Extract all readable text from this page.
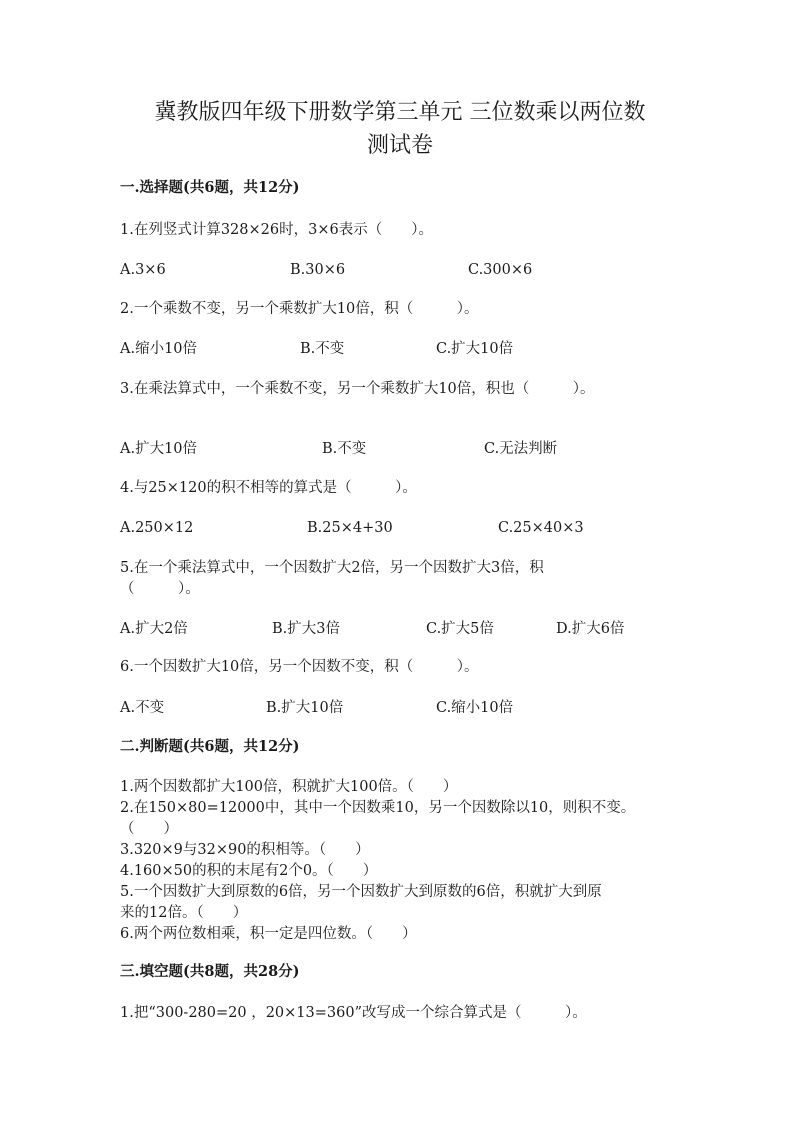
冀教版四年级下册数学第三单元 三位数乘以两位数
测试卷
一.选择题(共6题，共12分)
1.在列竖式计算328×26时，3×6表示（　　）。
A.3×6	B.30×6	C.300×6
2.一个乘数不变，另一个乘数扩大10倍，积（　　　）。
A.缩小10倍	B.不变	C.扩大10倍
3.在乘法算式中，一个乘数不变，另一个乘数扩大10倍，积也（　　　）。
A.扩大10倍	B.不变	C.无法判断
4.与25×120的积不相等的算式是（　　　）。
A.250×12	B.25×4+30	C.25×40×3
5.在一个乘法算式中，一个因数扩大2倍，另一个因数扩大3倍，积
（　　　）。
A.扩大2倍	B.扩大3倍	C.扩大5倍	D.扩大6倍
6.一个因数扩大10倍，另一个因数不变，积（　　　）。
A.不变	B.扩大10倍	C.缩小10倍
二.判断题(共6题，共12分)
1.两个因数都扩大100倍，积就扩大100倍。（　　）
2.在150×80=12000中，其中一个因数乘10，另一个因数除以10，则积不变。
（　　）
3.320×9与32×90的积相等。（　　）
4.160×50的积的末尾有2个0。（　　）
5.一个因数扩大到原数的6倍，另一个因数扩大到原数的6倍，积就扩大到原
来的12倍。（　　）
6.两个两位数相乘，积一定是四位数。（　　）
三.填空题(共8题，共28分)
1.把“300-280=20 ，20×13=360”改写成一个综合算式是（　　　）。
